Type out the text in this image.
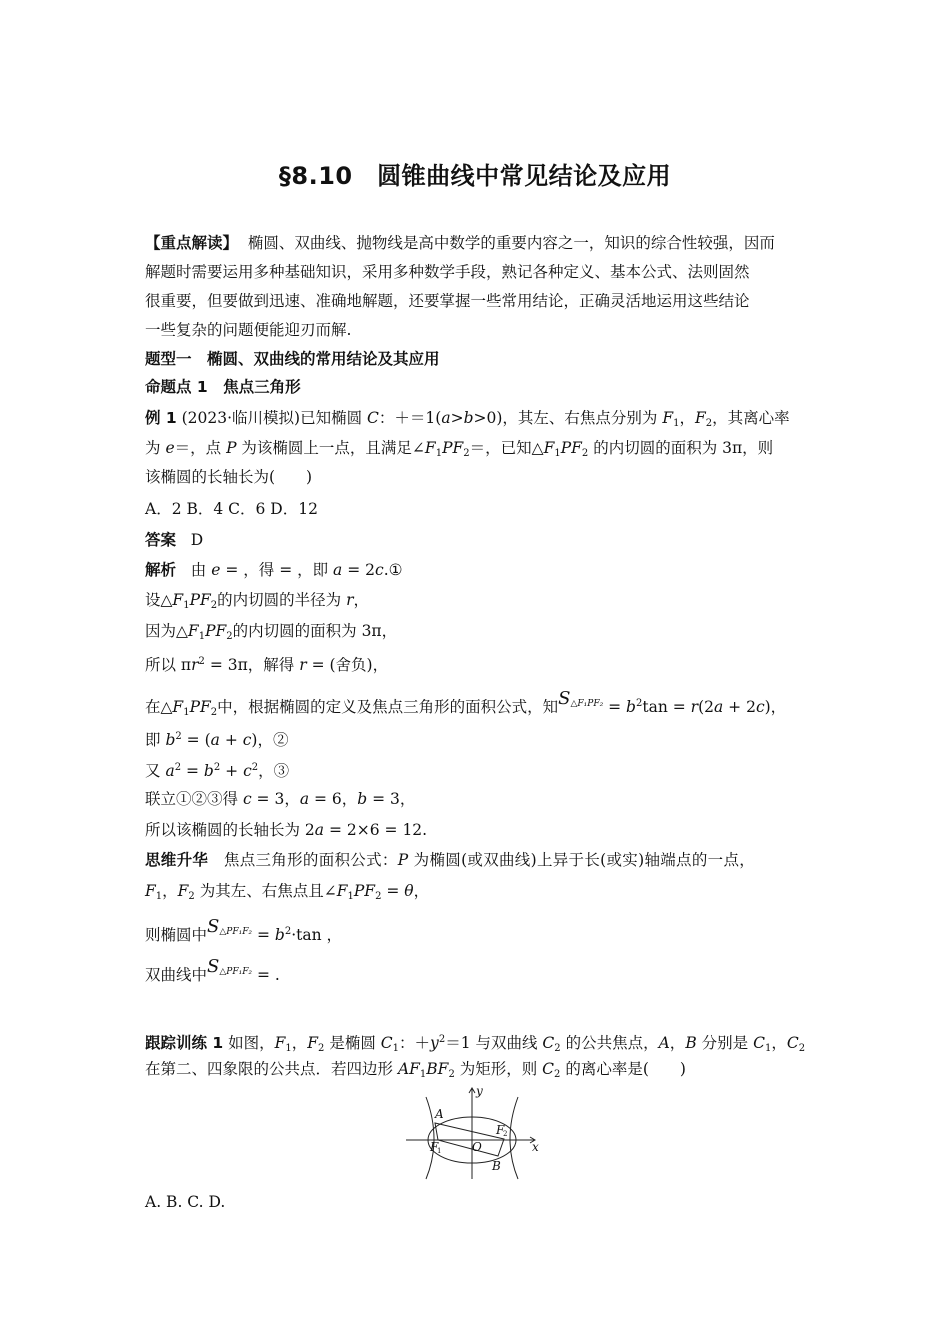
§8.10　圆锥曲线中常见结论及应用
【重点解读】 椭圆、双曲线、抛物线是高中数学的重要内容之一，知识的综合性较强，因而
解题时需要运用多种基础知识，采用多种数学手段，熟记各种定义、基本公式、法则固然
很重要，但要做到迅速、准确地解题，还要掌握一些常用结论，正确灵活地运用这些结论
一些复杂的问题便能迎刃而解.
题型一　椭圆、双曲线的常用结论及其应用
命题点 1　焦点三角形
例 1 (2023·临川模拟)已知椭圆 C：＋＝1(a>b>0)，其左、右焦点分别为 $F_1$，$F_2$，其离心率
为 e＝，点 P 为该椭圆上一点，且满足$\angle F_1PF_2=$，已知$\triangle F_1PF_2$ 的内切圆的面积为 3π，则
该椭圆的长轴长为(　　)
A．2 B．4 C．6 D．12
答案 D
解析 由 e = ，得 = ，即 a = 2c.①
设$\triangle F_1PF_2$的内切圆的半径为 r，
因为$\triangle F_1PF_2$的内切圆的面积为 3π，
所以 $\pi r^2 = 3\pi$，解得 r = (舍负)，
在$\triangle F_1PF_2$中，根据椭圆的定义及焦点三角形的面积公式，知$S^{\triangle F_1PF_2} = b^2\tan = r(2a + 2c)$，
即 $b^2 = (a + c)$，②
又 $a^2 = b^2 + c^2$，③
联立①②③得 c = 3，a = 6，b = 3，
所以该椭圆的长轴长为 2a = 2×6 = 12.
思维升华 焦点三角形的面积公式：P 为椭圆(或双曲线)上异于长(或实)轴端点的一点，
$F_1$，$F_2$ 为其左、右焦点且$\angle F_1PF_2 = \theta$，
则椭圆中$S^{\triangle PF_1F_2} = b^2\cdot\tan$ ，
双曲线中$S^{\triangle PF_1F_2}$ = .
跟踪训练 1 如图，$F_1$，$F_2$ 是椭圆 $C_1$：$+y^2=1$ 与双曲线 $C_2$ 的公共焦点，A，B 分别是 $C_1$，$C_2$
在第二、四象限的公共点．若四边形 $AF_1BF_2$ 为矩形，则 $C_2$ 的离心率是(　　)
A
B
O	x
y
F
1
F
2
A. B. C. D.
